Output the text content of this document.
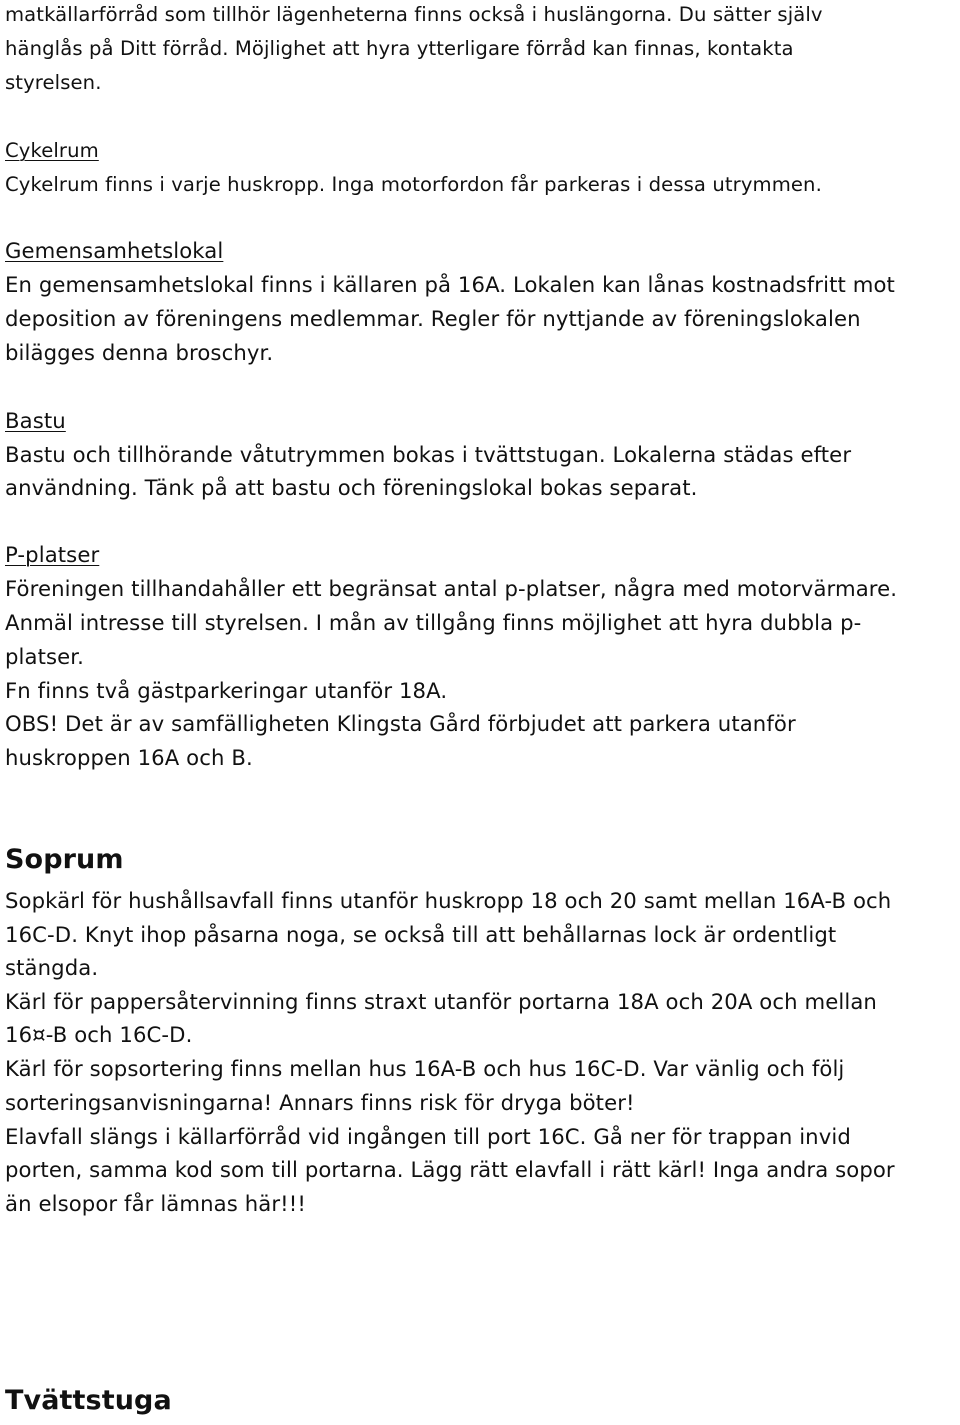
matkällarförråd som tillhör lägenheterna finns också i huslängorna. Du sätter själv
hänglås på Ditt förråd. Möjlighet att hyra ytterligare förråd kan finnas, kontakta
styrelsen.
Cykelrum
Cykelrum finns i varje huskropp. Inga motorfordon får parkeras i dessa utrymmen.
Gemensamhetslokal
En gemensamhetslokal finns i källaren på 16A. Lokalen kan lånas kostnadsfritt mot
deposition av föreningens medlemmar. Regler för nyttjande av föreningslokalen
bilägges denna broschyr.
Bastu
Bastu och tillhörande våtutrymmen bokas i tvättstugan. Lokalerna städas efter
användning. Tänk på att bastu och föreningslokal bokas separat.
P-platser
Föreningen tillhandahåller ett begränsat antal p-platser, några med motorvärmare.
Anmäl intresse till styrelsen. I mån av tillgång finns möjlighet att hyra dubbla p-
platser.
Fn finns två gästparkeringar utanför 18A.
OBS! Det är av samfälligheten Klingsta Gård förbjudet att parkera utanför
huskroppen 16A och B.
Soprum
Sopkärl för hushållsavfall finns utanför huskropp 18 och 20 samt mellan 16A-B och
16C-D. Knyt ihop påsarna noga, se också till att behållarnas lock är ordentligt
stängda.
Kärl för pappersåtervinning finns straxt utanför portarna 18A och 20A och mellan
16¤-B och 16C-D.
Kärl för sopsortering finns mellan hus 16A-B och hus 16C-D. Var vänlig och följ
sorteringsanvisningarna! Annars finns risk för dryga böter!
Elavfall slängs i källarförråd vid ingången till port 16C. Gå ner för trappan invid
porten, samma kod som till portarna. Lägg rätt elavfall i rätt kärl! Inga andra sopor
än elsopor får lämnas här!!!
Tvättstuga
